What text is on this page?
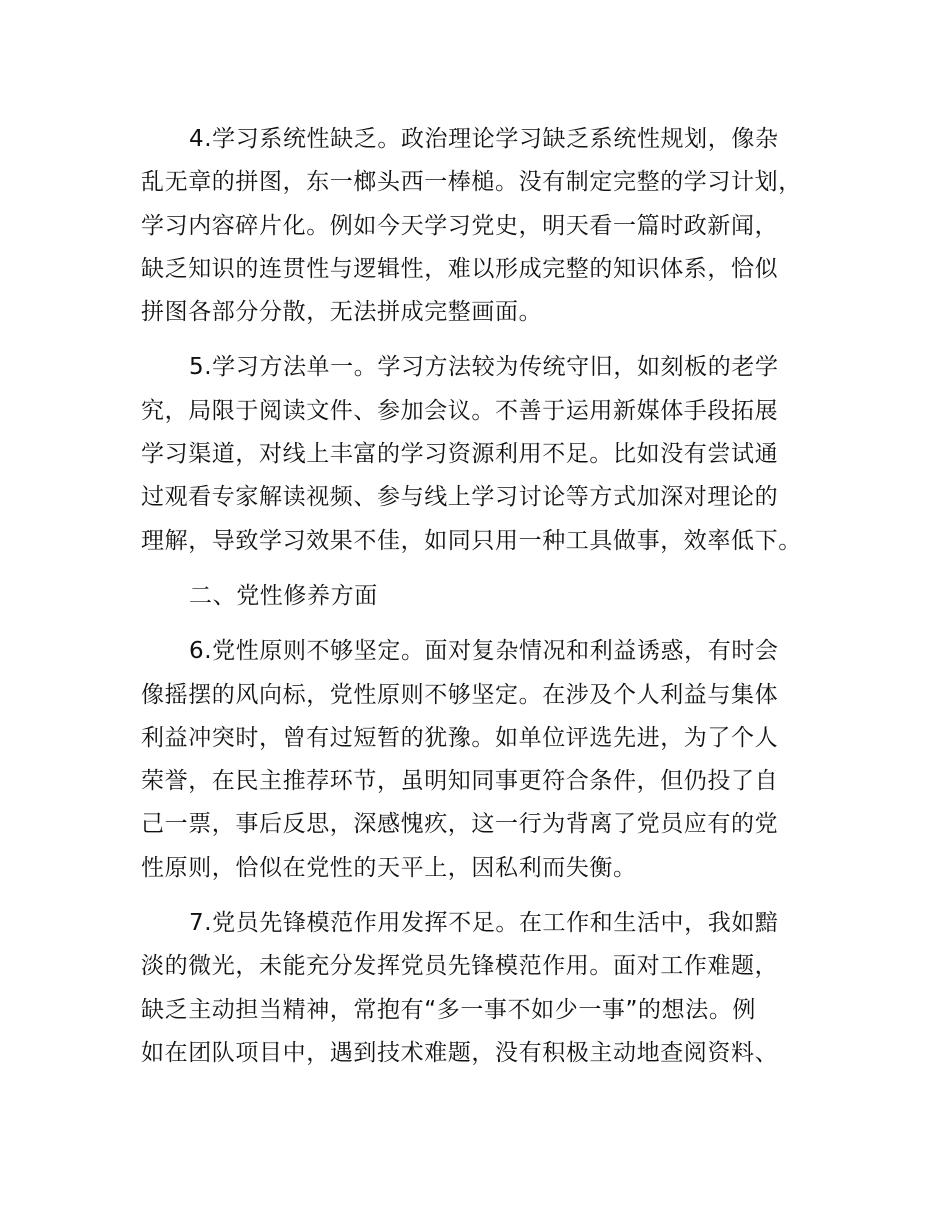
4.学习系统性缺乏。政治理论学习缺乏系统性规划，像杂
乱无章的拼图，东一榔头西一棒槌。没有制定完整的学习计划，
学习内容碎片化。例如今天学习党史，明天看一篇时政新闻，
缺乏知识的连贯性与逻辑性，难以形成完整的知识体系，恰似
拼图各部分分散，无法拼成完整画面。
5.学习方法单一。学习方法较为传统守旧，如刻板的老学
究，局限于阅读文件、参加会议。不善于运用新媒体手段拓展
学习渠道，对线上丰富的学习资源利用不足。比如没有尝试通
过观看专家解读视频、参与线上学习讨论等方式加深对理论的
理解，导致学习效果不佳，如同只用一种工具做事，效率低下。
二、党性修养方面
6.党性原则不够坚定。面对复杂情况和利益诱惑，有时会
像摇摆的风向标，党性原则不够坚定。在涉及个人利益与集体
利益冲突时，曾有过短暂的犹豫。如单位评选先进，为了个人
荣誉，在民主推荐环节，虽明知同事更符合条件，但仍投了自
己一票，事后反思，深感愧疚，这一行为背离了党员应有的党
性原则，恰似在党性的天平上，因私利而失衡。
7.党员先锋模范作用发挥不足。在工作和生活中，我如黯
淡的微光，未能充分发挥党员先锋模范作用。面对工作难题，
缺乏主动担当精神，常抱有“多一事不如少一事”的想法。例
如在团队项目中，遇到技术难题，没有积极主动地查阅资料、
